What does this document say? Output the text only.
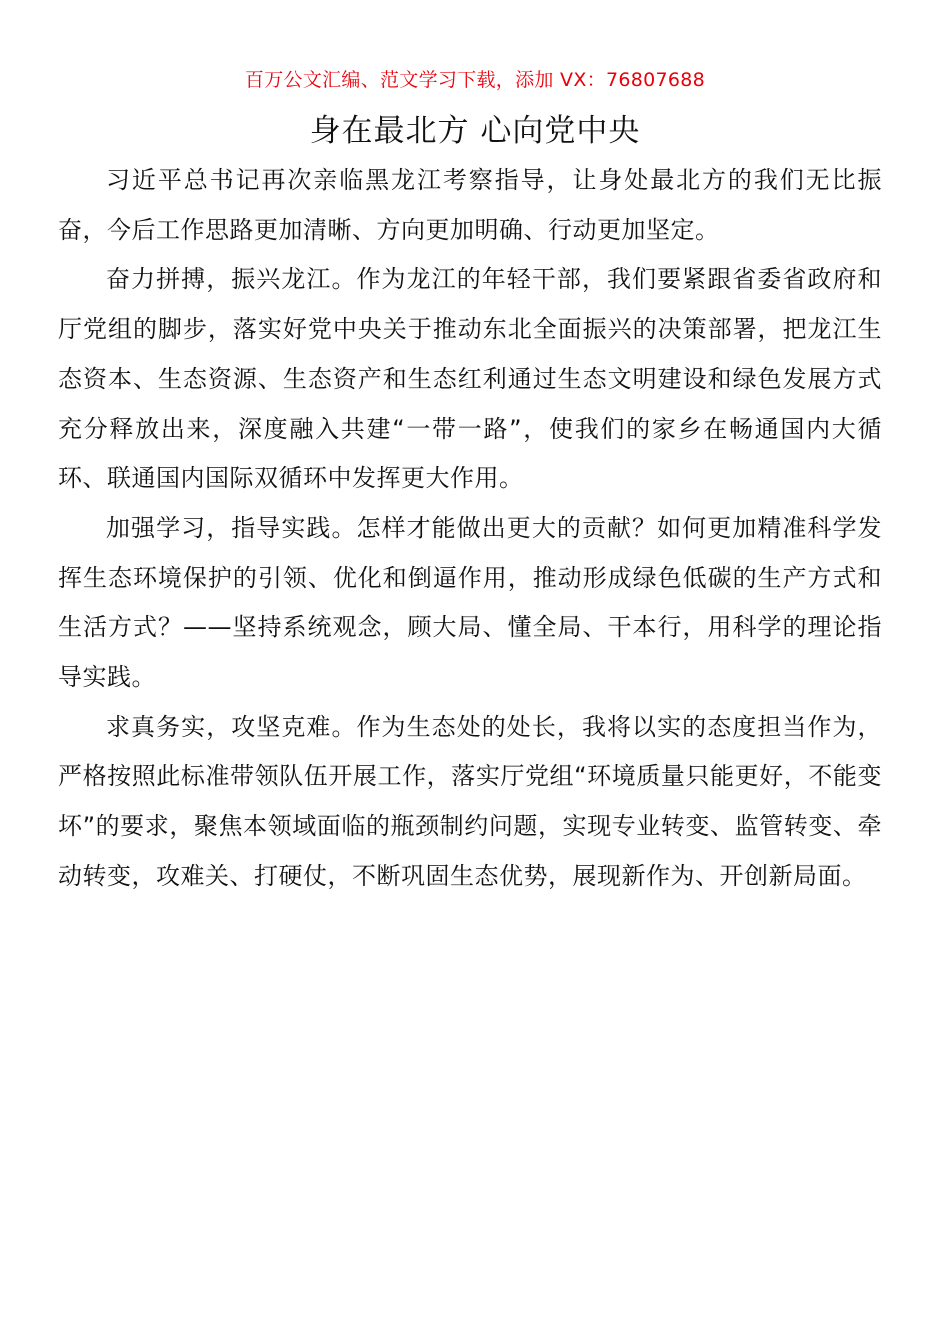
百万公文汇编、范文学习下载，添加 VX：76807688
身在最北方 心向党中央

习近平总书记再次亲临黑龙江考察指导，让身处最北方的我们无比振奋，今后工作思路更加清晰、方向更加明确、行动更加坚定。

奋力拼搏，振兴龙江。作为龙江的年轻干部，我们要紧跟省委省政府和厅党组的脚步，落实好党中央关于推动东北全面振兴的决策部署，把龙江生态资本、生态资源、生态资产和生态红利通过生态文明建设和绿色发展方式充分释放出来，深度融入共建“一带一路”，使我们的家乡在畅通国内大循环、联通国内国际双循环中发挥更大作用。

加强学习，指导实践。怎样才能做出更大的贡献？如何更加精准科学发挥生态环境保护的引领、优化和倒逼作用，推动形成绿色低碳的生产方式和生活方式？——坚持系统观念，顾大局、懂全局、干本行，用科学的理论指导实践。

求真务实，攻坚克难。作为生态处的处长，我将以实的态度担当作为，严格按照此标准带领队伍开展工作，落实厅党组“环境质量只能更好，不能变坏”的要求，聚焦本领域面临的瓶颈制约问题，实现专业转变、监管转变、牵动转变，攻难关、打硬仗，不断巩固生态优势，展现新作为、开创新局面。
